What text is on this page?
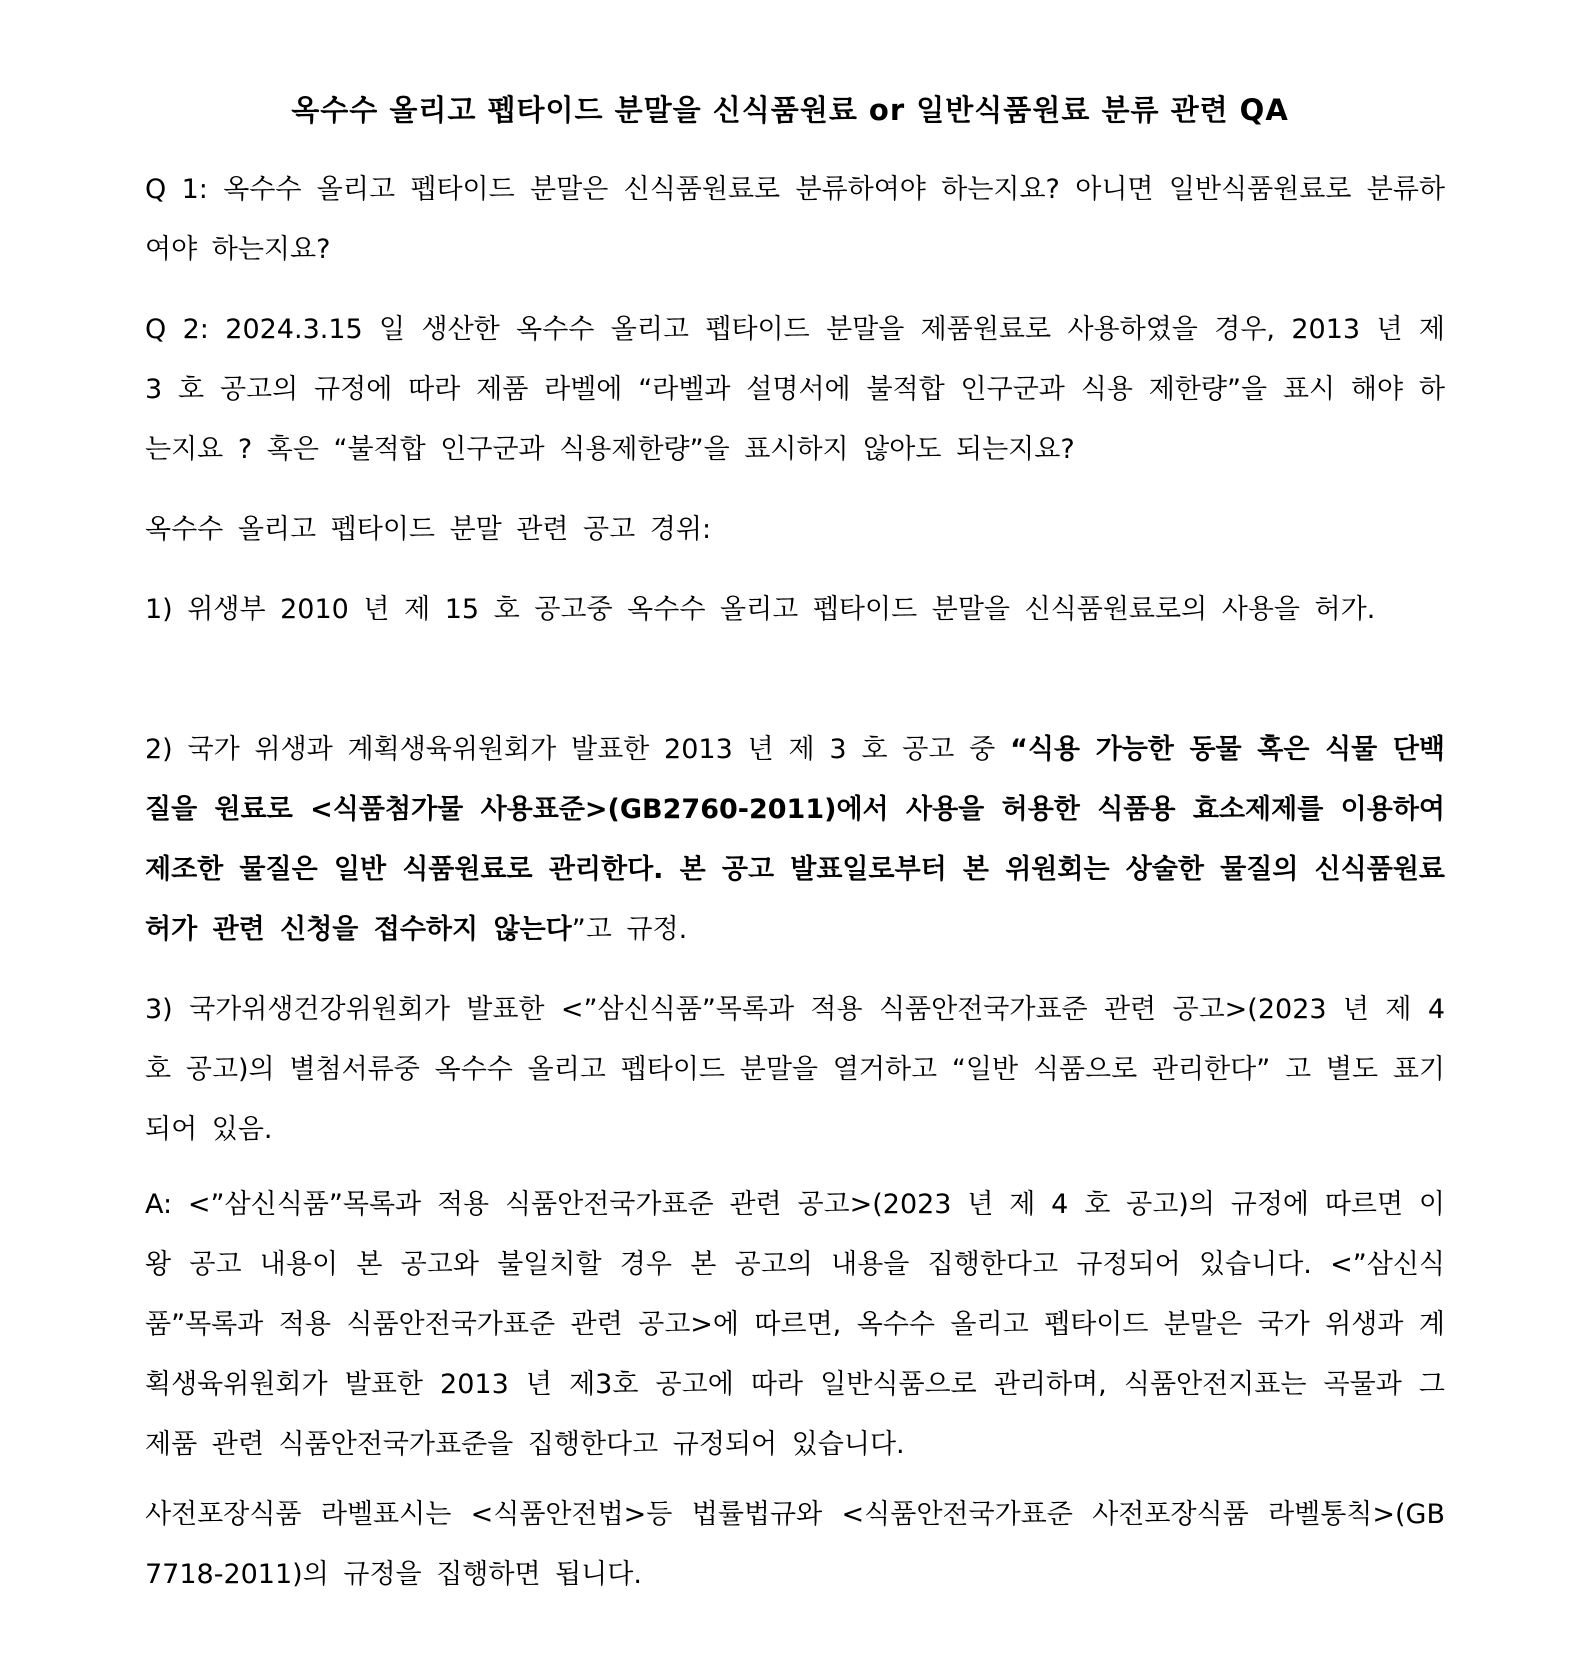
옥수수 올리고 펩타이드 분말을 신식품원료 or 일반식품원료 분류 관련 QA
Q 1: 옥수수 올리고 펩타이드 분말은 신식품원료로 분류하여야 하는지요? 아니면 일반식품원료로 분류하여야 하는지요?
Q 2: 2024.3.15 일 생산한 옥수수 올리고 펩타이드 분말을 제품원료로 사용하였을 경우, 2013 년 제 3 호 공고의 규정에 따라 제품 라벨에 “라벨과 설명서에 불적합 인구군과 식용 제한량”을 표시 해야 하는지요 ? 혹은 “불적합 인구군과 식용제한량”을 표시하지 않아도 되는지요?
옥수수 올리고 펩타이드 분말 관련 공고 경위:
1) 위생부 2010 년 제 15 호 공고중 옥수수 올리고 펩타이드 분말을 신식품원료로의 사용을 허가.
2) 국가 위생과 계획생육위원회가 발표한 2013 년 제 3 호 공고 중 “식용 가능한 동물 혹은 식물 단백질을 원료로 <식품첨가물 사용표준>(GB2760-2011)에서 사용을 허용한 식품용 효소제제를 이용하여 제조한 물질은 일반 식품원료로 관리한다. 본 공고 발표일로부터 본 위원회는 상술한 물질의 신식품원료허가 관련 신청을 접수하지 않는다”고 규정.
3) 국가위생건강위원회가 발표한 <”삼신식품”목록과 적용 식품안전국가표준 관련 공고>(2023 년 제 4 호 공고)의 별첨서류중 옥수수 올리고 펩타이드 분말을 열거하고 “일반 식품으로 관리한다” 고 별도 표기되어 있음.
A: <”삼신식품”목록과 적용 식품안전국가표준 관련 공고>(2023 년 제 4 호 공고)의 규정에 따르면 이왕 공고 내용이 본 공고와 불일치할 경우 본 공고의 내용을 집행한다고 규정되어 있습니다. <”삼신식품”목록과 적용 식품안전국가표준 관련 공고>에 따르면, 옥수수 올리고 펩타이드 분말은 국가 위생과 계획생육위원회가 발표한 2013 년 제3호 공고에 따라 일반식품으로 관리하며, 식품안전지표는 곡물과 그 제품 관련 식품안전국가표준을 집행한다고 규정되어 있습니다.
사전포장식품 라벨표시는 <식품안전법>등 법률법규와 <식품안전국가표준 사전포장식품 라벨통칙>(GB 7718-2011)의 규정을 집행하면 됩니다.
